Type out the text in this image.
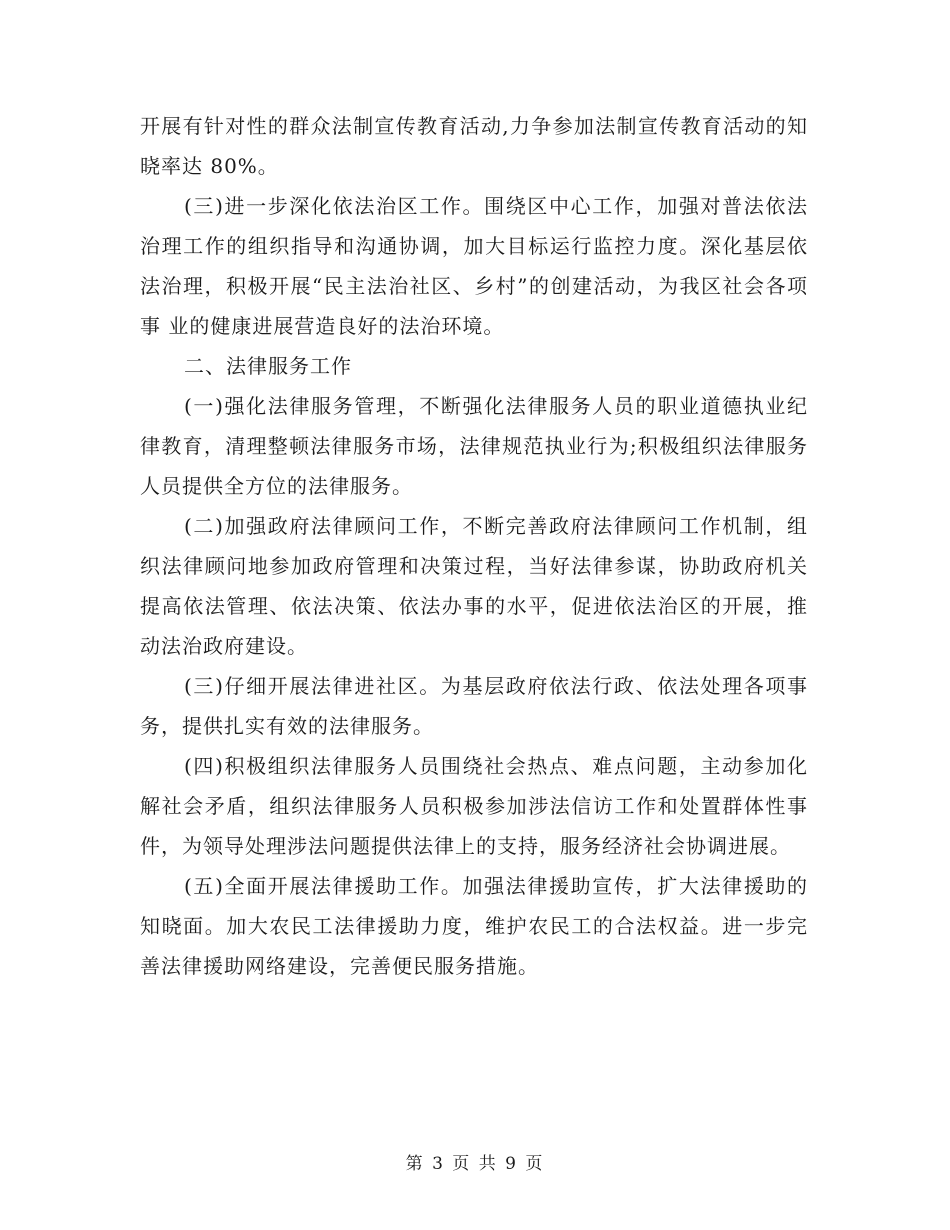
开展有针对性的群众法制宣传教育活动,力争参加法制宣传教育活动的知晓率达 80%。

(三)进一步深化依法治区工作。围绕区中心工作，加强对普法依法治理工作的组织指导和沟通协调，加大目标运行监控力度。深化基层依法治理，积极开展“民主法治社区、乡村”的创建活动，为我区社会各项事 业的健康进展营造良好的法治环境。

二、法律服务工作

(一)强化法律服务管理，不断强化法律服务人员的职业道德执业纪律教育，清理整顿法律服务市场，法律规范执业行为;积极组织法律服务人员提供全方位的法律服务。

(二)加强政府法律顾问工作，不断完善政府法律顾问工作机制，组织法律顾问地参加政府管理和决策过程，当好法律参谋，协助政府机关提高依法管理、依法决策、依法办事的水平，促进依法治区的开展，推动法治政府建设。

(三)仔细开展法律进社区。为基层政府依法行政、依法处理各项事务，提供扎实有效的法律服务。

(四)积极组织法律服务人员围绕社会热点、难点问题，主动参加化解社会矛盾，组织法律服务人员积极参加涉法信访工作和处置群体性事件，为领导处理涉法问题提供法律上的支持，服务经济社会协调进展。

(五)全面开展法律援助工作。加强法律援助宣传，扩大法律援助的知晓面。加大农民工法律援助力度，维护农民工的合法权益。进一步完善法律援助网络建设，完善便民服务措施。

第 3 页 共 9 页
